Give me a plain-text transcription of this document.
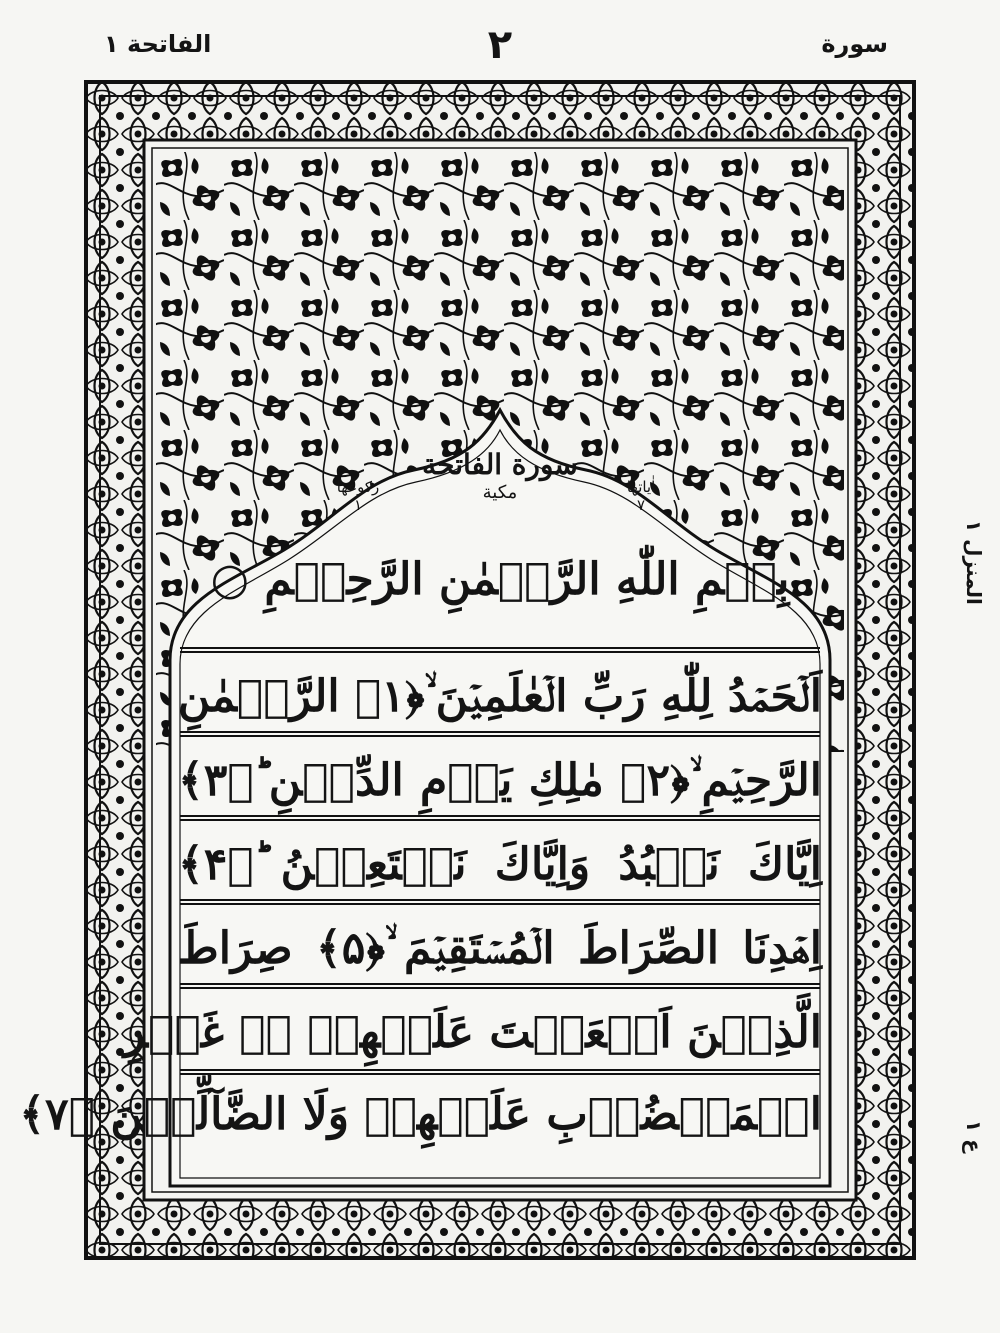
سورة
۲
الفاتحة ۱
المنزل ۱
ع ۱
سورة الفاتحة
مكية	اٰياتها
۷
رکوعها
۱
بِسۡمِ اللّٰهِ الرَّحۡمٰنِ الرَّحِيۡمِ ○
اَلۡحَمۡدُ لِلّٰهِ رَبِّ الۡعٰلَمِيۡنَ ۙ﴿۱﴾ الرَّحۡمٰنِ
الرَّحِيۡمِ ۙ﴿۲﴾ مٰلِكِ يَوۡمِ الدِّيۡنِ ؕ﴿۳﴾
اِيَّاكَ نَعۡبُدُ وَاِيَّاكَ نَسۡتَعِيۡنُ ؕ﴿۴﴾
اِهۡدِنَا الصِّرَاطَ الۡمُسۡتَقِيۡمَ ۙ﴿۵﴾ صِرَاطَ
الَّذِيۡنَ اَنۡعَمۡتَ عَلَيۡهِمۡ ۙ۬ غَيۡرِ
الۡمَغۡضُوۡبِ عَلَيۡهِمۡ وَلَا الضَّآلِّيۡنَ ﴿۷﴾
